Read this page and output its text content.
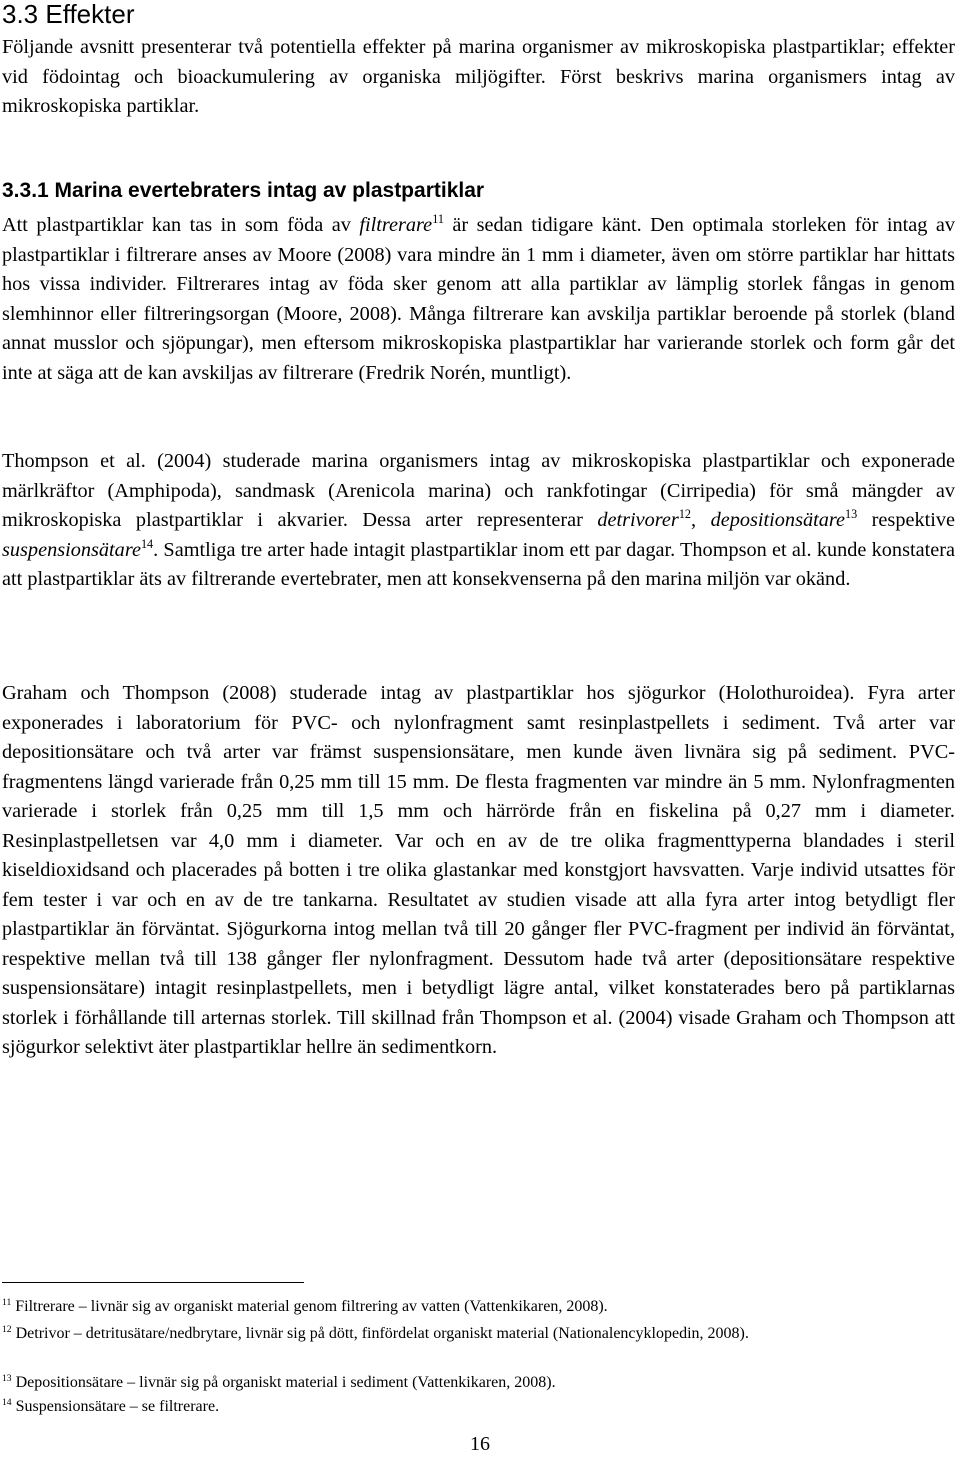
3.3 Effekter

Följande avsnitt presenterar två potentiella effekter på marina organismer av mikroskopiska plastpartiklar; effekter vid födointag och bioackumulering av organiska miljögifter. Först beskrivs marina organismers intag av mikroskopiska partiklar.

3.3.1 Marina evertebraters intag av plastpartiklar

Att plastpartiklar kan tas in som föda av filtrerare$^{11}$ är sedan tidigare känt. Den optimala storleken för intag av plastpartiklar i filtrerare anses av Moore (2008) vara mindre än 1 mm i diameter, även om större partiklar har hittats hos vissa individer. Filtrerares intag av föda sker genom att alla partiklar av lämplig storlek fångas in genom slemhinnor eller filtreringsorgan (Moore, 2008). Många filtrerare kan avskilja partiklar beroende på storlek (bland annat musslor och sjöpungar), men eftersom mikroskopiska plastpartiklar har varierande storlek och form går det inte at säga att de kan avskiljas av filtrerare (Fredrik Norén, muntligt).

Thompson et al. (2004) studerade marina organismers intag av mikroskopiska plastpartiklar och exponerade märlkräftor (Amphipoda), sandmask (Arenicola marina) och rankfotingar (Cirripedia) för små mängder av mikroskopiska plastpartiklar i akvarier. Dessa arter representerar detrivorer$^{12}$, depositionsätare$^{13}$ respektive suspensionsätare$^{14}$. Samtliga tre arter hade intagit plastpartiklar inom ett par dagar. Thompson et al. kunde konstatera att plastpartiklar äts av filtrerande evertebrater, men att konsekvenserna på den marina miljön var okänd.

Graham och Thompson (2008) studerade intag av plastpartiklar hos sjögurkor (Holothuroidea). Fyra arter exponerades i laboratorium för PVC- och nylonfragment samt resinplastpellets i sediment. Två arter var depositionsätare och två arter var främst suspensionsätare, men kunde även livnära sig på sediment. PVC-fragmentens längd varierade från 0,25 mm till 15 mm. De flesta fragmenten var mindre än 5 mm. Nylonfragmenten varierade i storlek från 0,25 mm till 1,5 mm och härrörde från en fiskelina på 0,27 mm i diameter. Resinplastpelletsen var 4,0 mm i diameter. Var och en av de tre olika fragmenttyperna blandades i steril kiseldioxidsand och placerades på botten i tre olika glastankar med konstgjort havsvatten. Varje individ utsattes för fem tester i var och en av de tre tankarna. Resultatet av studien visade att alla fyra arter intog betydligt fler plastpartiklar än förväntat. Sjögurkorna intog mellan två till 20 gånger fler PVC-fragment per individ än förväntat, respektive mellan två till 138 gånger fler nylonfragment. Dessutom hade två arter (depositionsätare respektive suspensionsätare) intagit resinplastpellets, men i betydligt lägre antal, vilket konstaterades bero på partiklarnas storlek i förhållande till arternas storlek. Till skillnad från Thompson et al. (2004) visade Graham och Thompson att sjögurkor selektivt äter plastpartiklar hellre än sedimentkorn.

$^{11}$ Filtrerare – livnär sig av organiskt material genom filtrering av vatten (Vattenkikaren, 2008).

$^{12}$ Detrivor – detritusätare/nedbrytare, livnär sig på dött, finfördelat organiskt material (Nationalencyklopedin, 2008).

$^{13}$ Depositionsätare – livnär sig på organiskt material i sediment (Vattenkikaren, 2008).

$^{14}$ Suspensionsätare – se filtrerare.

16
